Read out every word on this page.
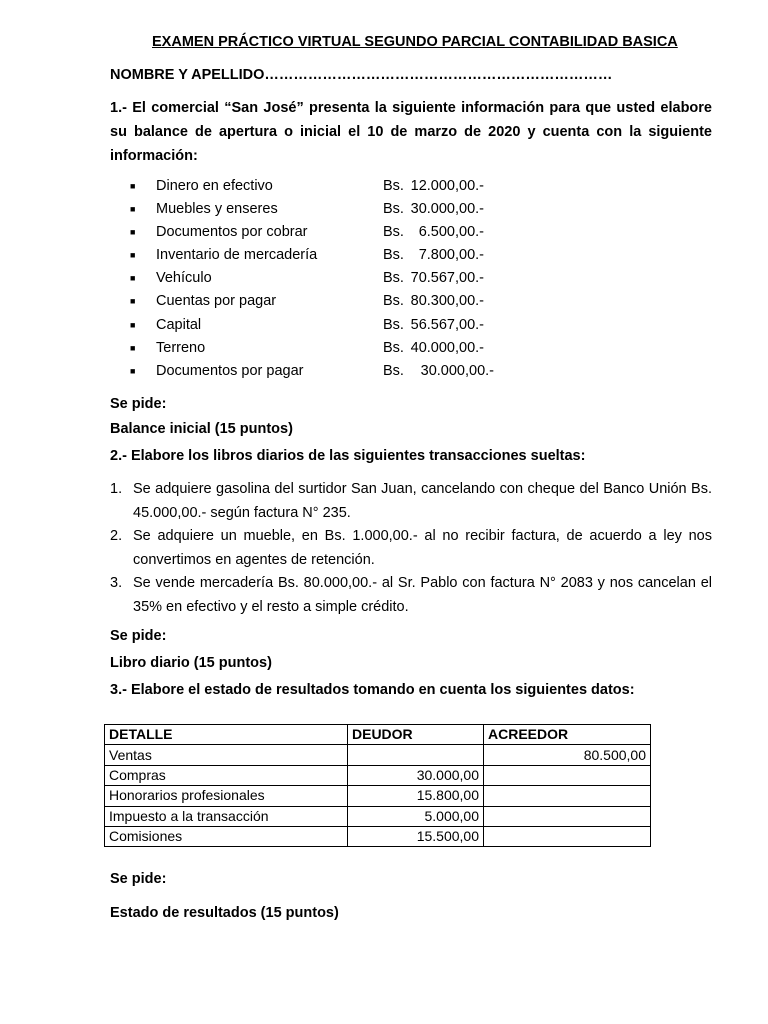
EXAMEN PRÁCTICO VIRTUAL SEGUNDO PARCIAL CONTABILIDAD BASICA
NOMBRE Y APELLIDO………………………………………………………………
1.- El comercial “San José” presenta la siguiente información para que usted elabore su balance de apertura o inicial el 10 de marzo de 2020 y cuenta con la siguiente información:
■ Dinero en efectivo	Bs. 12.000,00.-
■ Muebles y enseres	Bs. 30.000,00.-
■ Documentos por cobrar	Bs.	6.500,00.-
■ Inventario de mercadería	Bs.	7.800,00.-
■ Vehículo	Bs. 70.567,00.-
■ Cuentas por pagar	Bs. 80.300,00.-
■ Capital	Bs. 56.567,00.-
■ Terreno	Bs. 40.000,00.-
■ Documentos por pagar	Bs.	30.000,00.-
Se pide:
Balance inicial (15 puntos)
2.- Elabore los libros diarios de las siguientes transacciones sueltas:
1. Se adquiere gasolina del surtidor San Juan, cancelando con cheque del Banco Unión Bs. 45.000,00.- según factura N° 235.
2. Se adquiere un mueble, en Bs. 1.000,00.- al no recibir factura, de acuerdo a ley nos convertimos en agentes de retención.
3. Se vende mercadería Bs. 80.000,00.- al Sr. Pablo con factura N° 2083 y nos cancelan el 35% en efectivo y el resto a simple crédito.
Se pide:
Libro diario (15 puntos)
3.- Elabore el estado de resultados tomando en cuenta los siguientes datos:
DETALLE	DEUDOR	ACREEDOR
Ventas		80.500,00
Compras	30.000,00	
Honorarios profesionales	15.800,00	
Impuesto a la transacción	5.000,00	
Comisiones	15.500,00	
Se pide:
Estado de resultados (15 puntos)
